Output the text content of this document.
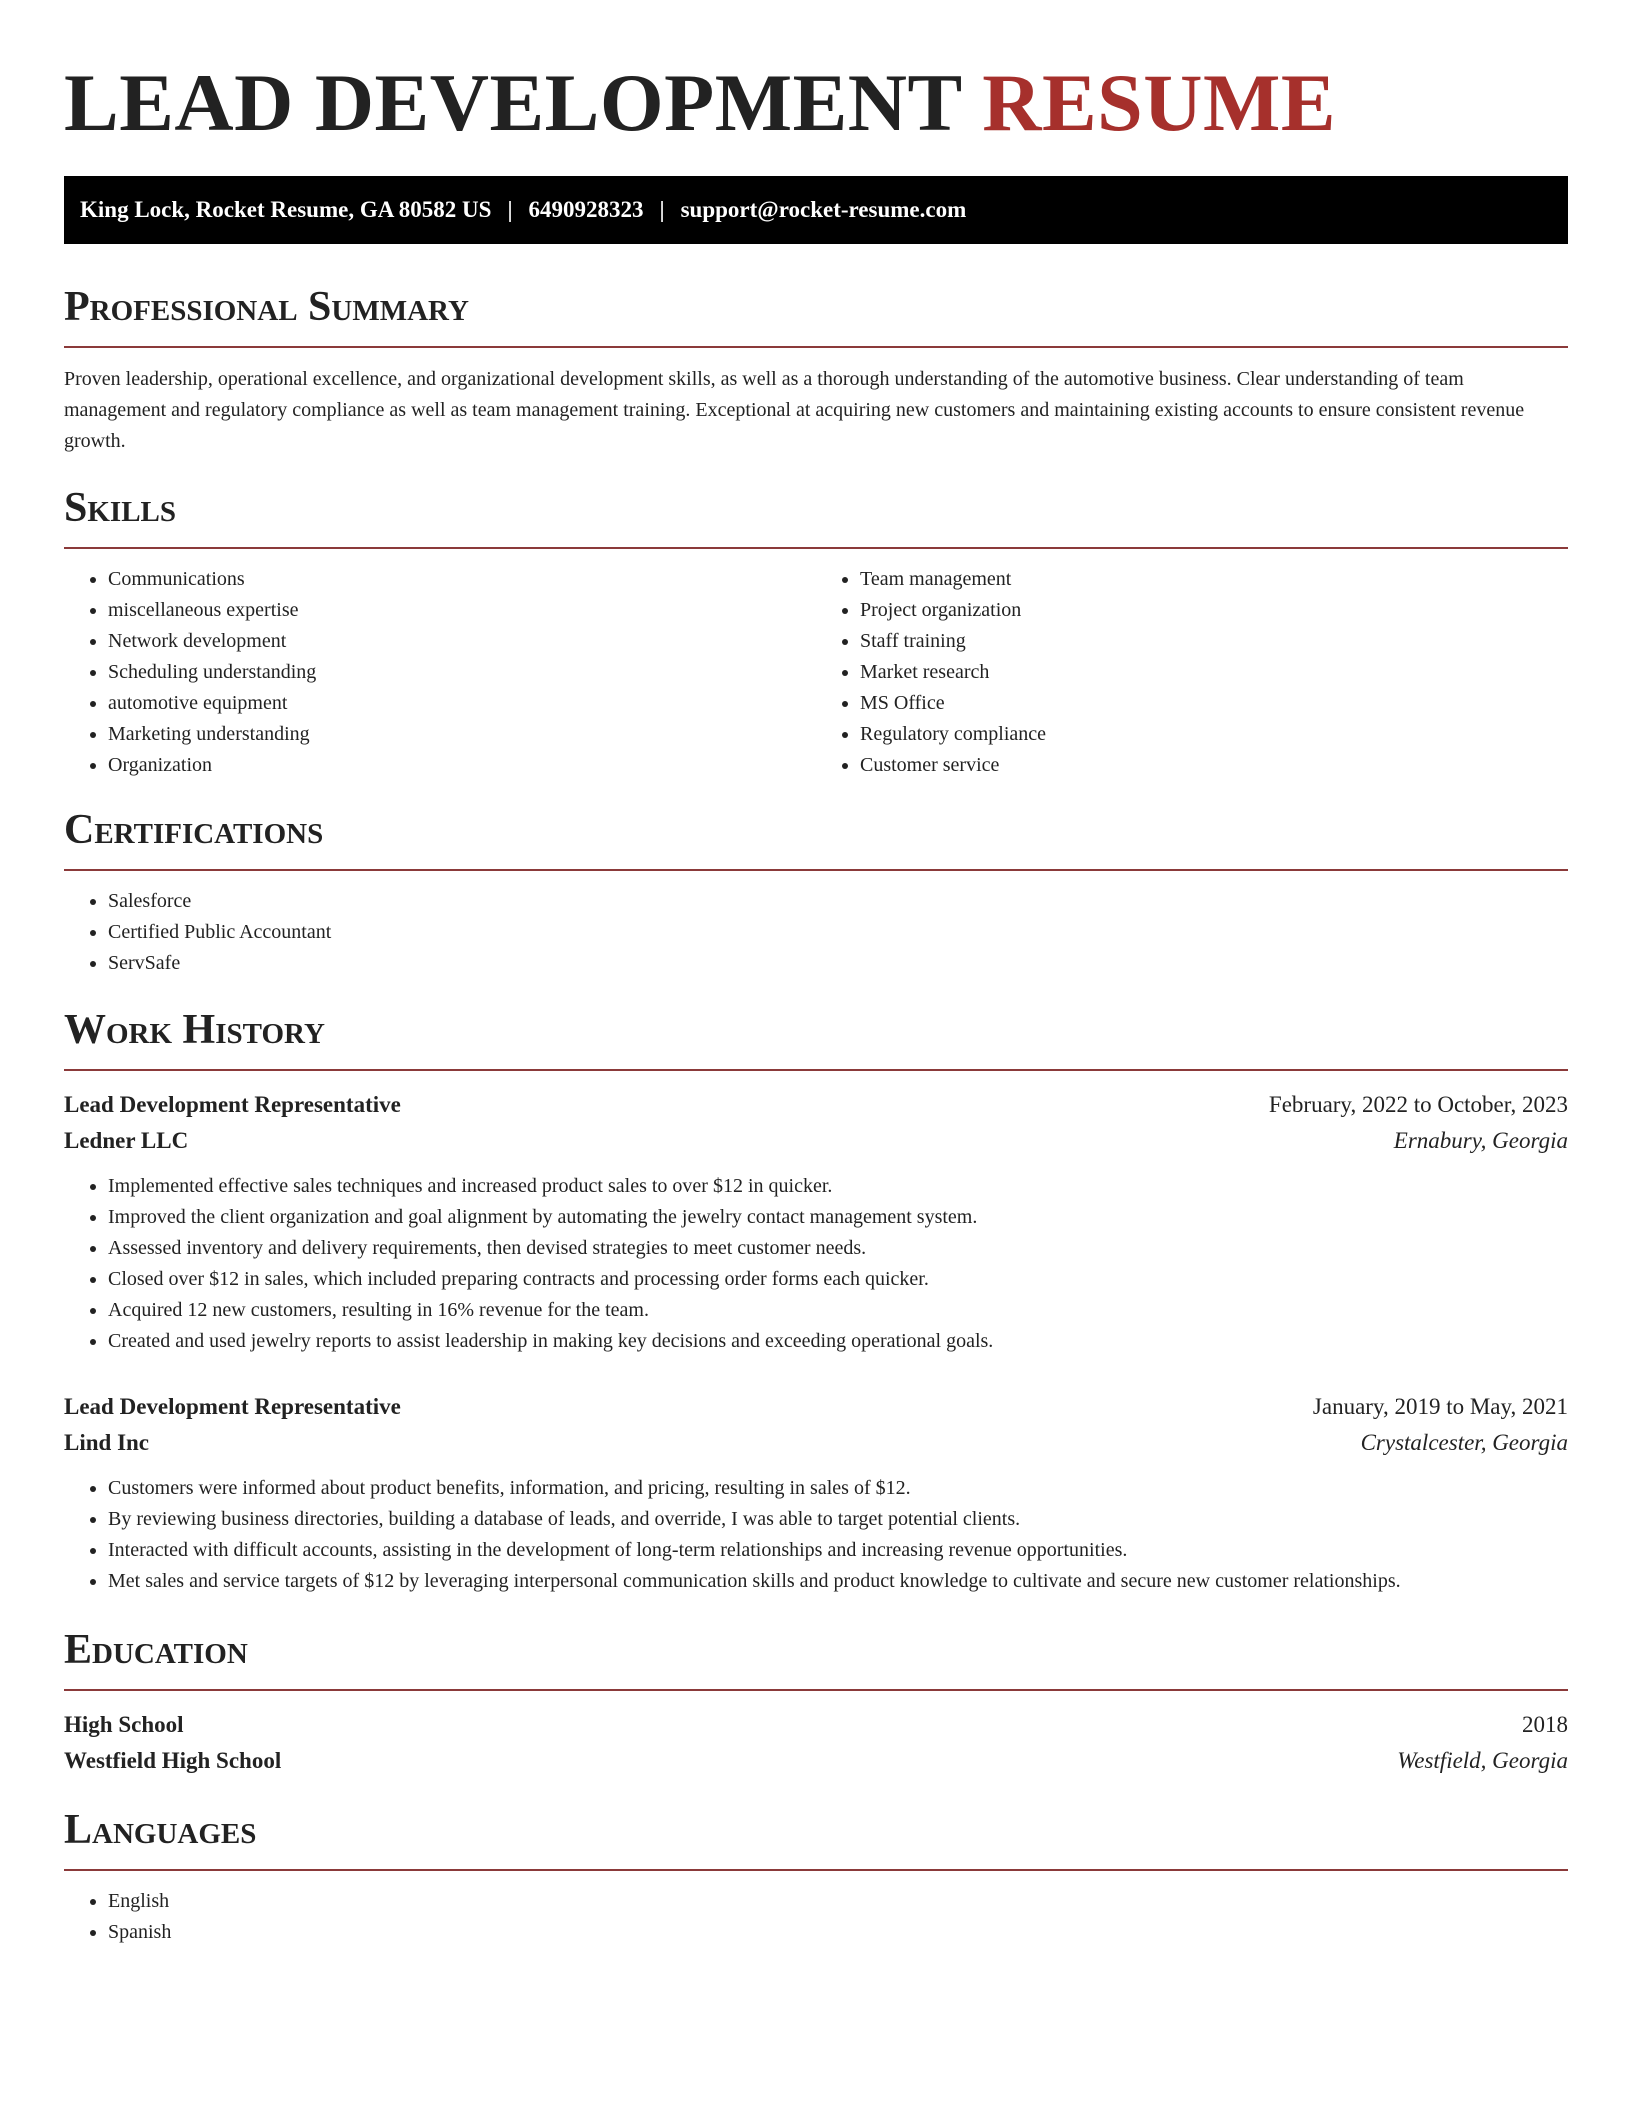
LEAD DEVELOPMENT RESUME
King Lock, Rocket Resume, GA 80582 US | 6490928323 | support@rocket-resume.com
Professional Summary

Proven leadership, operational excellence, and organizational development skills, as well as a thorough understanding of the automotive business. Clear understanding of team management and regulatory compliance as well as team management training. Exceptional at acquiring new customers and maintaining existing accounts to ensure consistent revenue growth.

Skills
• Communications
• miscellaneous expertise
• Network development
• Scheduling understanding
• automotive equipment
• Marketing understanding
• Organization
• Team management
• Project organization
• Staff training
• Market research
• MS Office
• Regulatory compliance
• Customer service
Certifications
• Salesforce
• Certified Public Accountant
• ServSafe
Work History
Lead Development Representative	February, 2022 to October, 2023
Ledner LLC	Ernabury, Georgia
• Implemented effective sales techniques and increased product sales to over $12 in quicker.
• Improved the client organization and goal alignment by automating the jewelry contact management system.
• Assessed inventory and delivery requirements, then devised strategies to meet customer needs.
• Closed over $12 in sales, which included preparing contracts and processing order forms each quicker.
• Acquired 12 new customers, resulting in 16% revenue for the team.
• Created and used jewelry reports to assist leadership in making key decisions and exceeding operational goals.
Lead Development Representative	January, 2019 to May, 2021
Lind Inc	Crystalcester, Georgia
• Customers were informed about product benefits, information, and pricing, resulting in sales of $12.
• By reviewing business directories, building a database of leads, and override, I was able to target potential clients.
• Interacted with difficult accounts, assisting in the development of long-term relationships and increasing revenue opportunities.
• Met sales and service targets of $12 by leveraging interpersonal communication skills and product knowledge to cultivate and secure new customer relationships.
Education
High School	2018
Westfield High School	Westfield, Georgia
Languages
• English
• Spanish
